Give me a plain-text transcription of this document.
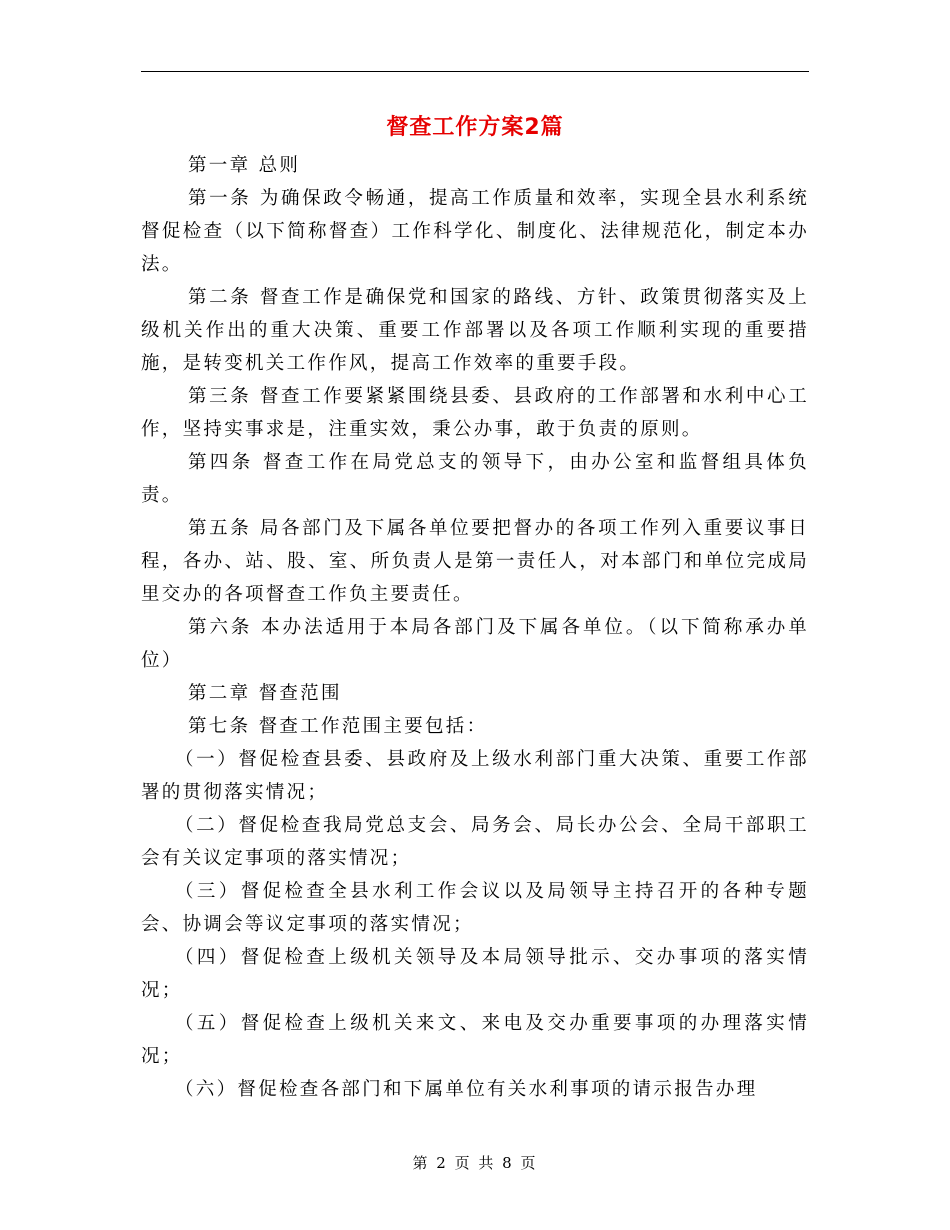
督查工作方案2篇

第一章 总则

第一条 为确保政令畅通，提高工作质量和效率，实现全县水利系统督促检查（以下简称督查）工作科学化、制度化、法律规范化，制定本办法。

第二条 督查工作是确保党和国家的路线、方针、政策贯彻落实及上级机关作出的重大决策、重要工作部署以及各项工作顺利实现的重要措施，是转变机关工作作风，提高工作效率的重要手段。

第三条 督查工作要紧紧围绕县委、县政府的工作部署和水利中心工作，坚持实事求是，注重实效，秉公办事，敢于负责的原则。

第四条 督查工作在局党总支的领导下，由办公室和监督组具体负责。

第五条 局各部门及下属各单位要把督办的各项工作列入重要议事日程，各办、站、股、室、所负责人是第一责任人，对本部门和单位完成局里交办的各项督查工作负主要责任。

第六条 本办法适用于本局各部门及下属各单位。（以下简称承办单位）

第二章 督查范围

第七条 督查工作范围主要包括：

（一）督促检查县委、县政府及上级水利部门重大决策、重要工作部署的贯彻落实情况；

（二）督促检查我局党总支会、局务会、局长办公会、全局干部职工会有关议定事项的落实情况；

（三）督促检查全县水利工作会议以及局领导主持召开的各种专题会、协调会等议定事项的落实情况；

（四）督促检查上级机关领导及本局领导批示、交办事项的落实情况；

（五）督促检查上级机关来文、来电及交办重要事项的办理落实情况；

（六）督促检查各部门和下属单位有关水利事项的请示报告办理

第 2 页 共 8 页
